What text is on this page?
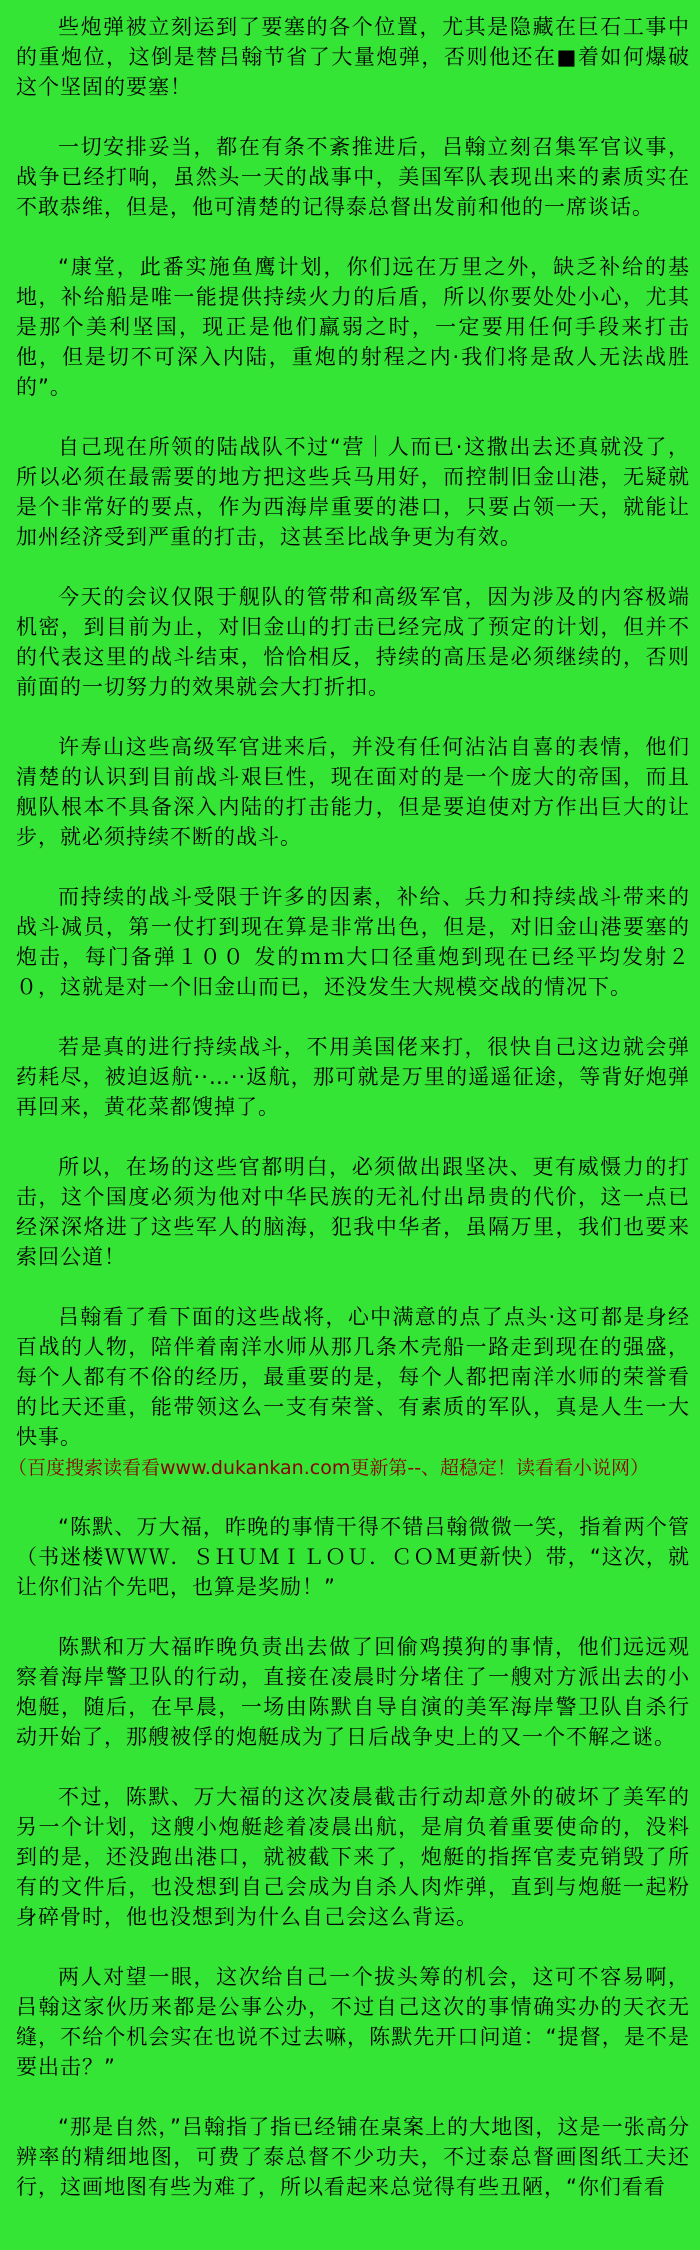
些炮弹被立刻运到了要塞的各个位置，尤其是隐藏在巨石工事中的重炮位，这倒是替吕翰节省了大量炮弹，否则他还在■着如何爆破这个坚固的要塞！

一切安排妥当，都在有条不紊推进后，吕翰立刻召集军官议事，战争已经打响，虽然头一天的战事中，美国军队表现出来的素质实在不敢恭维，但是，他可清楚的记得泰总督出发前和他的一席谈话。

“康堂，此番实施鱼鹰计划，你们远在万里之外，缺乏补给的基地，补给船是唯一能提供持续火力的后盾，所以你要处处小心，尤其是那个美利坚国，现正是他们羸弱之时，一定要用任何手段来打击他，但是切不可深入内陆，重炮的射程之内·我们将是敌人无法战胜的”。

自己现在所领的陆战队不过“营｜人而已·这撒出去还真就没了，所以必须在最需要的地方把这些兵马用好，而控制旧金山港，无疑就是个非常好的要点，作为西海岸重要的港口，只要占领一天，就能让加州经济受到严重的打击，这甚至比战争更为有效。

今天的会议仅限于舰队的管带和高级军官，因为涉及的内容极端机密，到目前为止，对旧金山的打击已经完成了预定的计划，但并不的代表这里的战斗结束，恰恰相反，持续的高压是必须继续的，否则前面的一切努力的效果就会大打折扣。

许寿山这些高级军官进来后，并没有任何沾沾自喜的表情，他们清楚的认识到目前战斗艰巨性，现在面对的是一个庞大的帝国，而且舰队根本不具备深入内陆的打击能力，但是要迫使对方作出巨大的让步，就必须持续不断的战斗。

而持续的战斗受限于许多的因素，补给、兵力和持续战斗带来的战斗减员，第一仗打到现在算是非常出色，但是，对旧金山港要塞的炮击，每门备弹１００ 发的ｍｍ大口径重炮到现在已经平均发射２０，这就是对一个旧金山而已，还没发生大规模交战的情况下。

若是真的进行持续战斗，不用美国佬来打，很快自己这边就会弹药耗尽，被迫返航··…··返航，那可就是万里的遥遥征途，等背好炮弹再回来，黄花菜都馊掉了。

所以，在场的这些官都明白，必须做出跟坚决、更有威慑力的打击，这个国度必须为他对中华民族的无礼付出昂贵的代价，这一点已经深深烙进了这些军人的脑海，犯我中华者，虽隔万里，我们也要来索回公道！

吕翰看了看下面的这些战将，心中满意的点了点头·这可都是身经百战的人物，陪伴着南洋水师从那几条木壳船一路走到现在的强盛，每个人都有不俗的经历，最重要的是，每个人都把南洋水师的荣誉看的比天还重，能带领这么一支有荣誉、有素质的军队，真是人生一大快事。

（百度搜索读看看www.dukankan.com更新第--、超稳定！读看看小说网）

“陈默、万大福，昨晚的事情干得不错吕翰微微一笑，指着两个管（书迷楼ＷＷＷ．ＳＨＵＭＩＬＯＵ．ＣＯＭ更新快）带，“这次，就让你们沾个先吧，也算是奖励！”

陈默和万大福昨晚负责出去做了回偷鸡摸狗的事情，他们远远观察着海岸警卫队的行动，直接在凌晨时分堵住了一艘对方派出去的小炮艇，随后，在早晨，一场由陈默自导自演的美军海岸警卫队自杀行动开始了，那艘被俘的炮艇成为了日后战争史上的又一个不解之谜。

不过，陈默、万大福的这次凌晨截击行动却意外的破坏了美军的另一个计划，这艘小炮艇趁着凌晨出航，是肩负着重要使命的，没料到的是，还没跑出港口，就被截下来了，炮艇的指挥官麦克销毁了所有的文件后，也没想到自己会成为自杀人肉炸弹，直到与炮艇一起粉身碎骨时，他也没想到为什么自己会这么背运。

两人对望一眼，这次给自己一个拔头筹的机会，这可不容易啊，吕翰这家伙历来都是公事公办，不过自己这次的事情确实办的天衣无缝，不给个机会实在也说不过去嘛，陈默先开口问道：“提督，是不是要出击？”

“那是自然，”吕翰指了指已经铺在桌案上的大地图，这是一张高分辨率的精细地图，可费了泰总督不少功夫，不过泰总督画图纸工夫还行，这画地图有些为难了，所以看起来总觉得有些丑陋，“你们看看
